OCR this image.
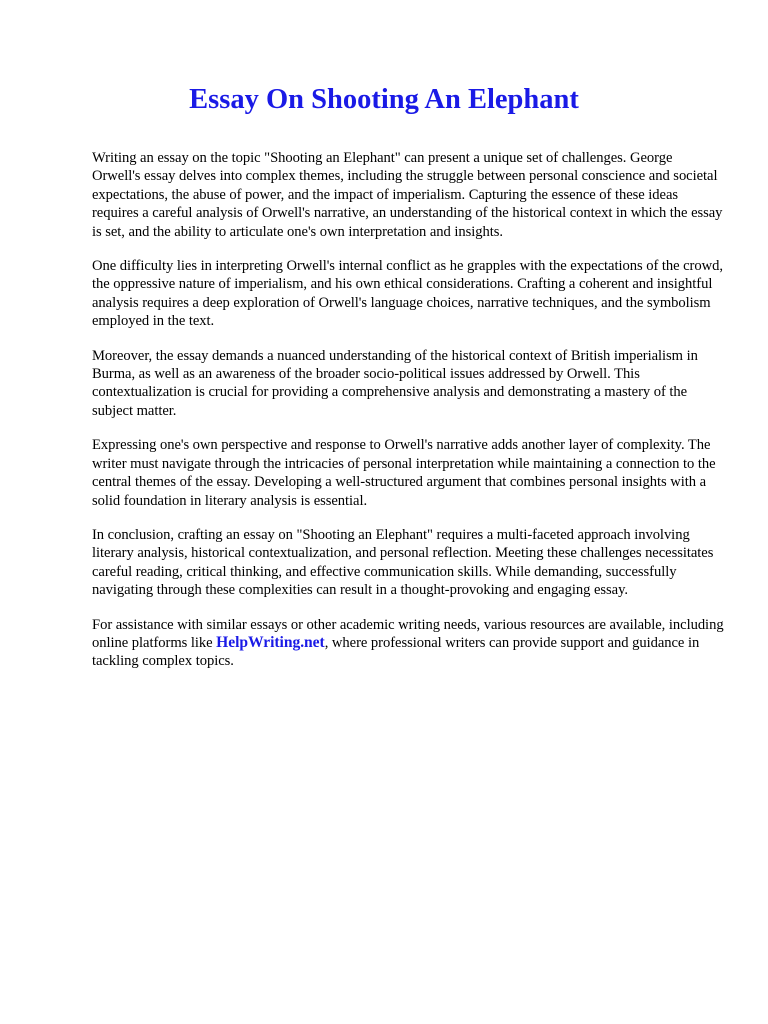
Essay On Shooting An Elephant

Writing an essay on the topic "Shooting an Elephant" can present a unique set of challenges. George Orwell's essay delves into complex themes, including the struggle between personal conscience and societal expectations, the abuse of power, and the impact of imperialism. Capturing the essence of these ideas requires a careful analysis of Orwell's narrative, an understanding of the historical context in which the essay is set, and the ability to articulate one's own interpretation and insights.

One difficulty lies in interpreting Orwell's internal conflict as he grapples with the expectations of the crowd, the oppressive nature of imperialism, and his own ethical considerations. Crafting a coherent and insightful analysis requires a deep exploration of Orwell's language choices, narrative techniques, and the symbolism employed in the text.

Moreover, the essay demands a nuanced understanding of the historical context of British imperialism in Burma, as well as an awareness of the broader socio-political issues addressed by Orwell. This contextualization is crucial for providing a comprehensive analysis and demonstrating a mastery of the subject matter.

Expressing one's own perspective and response to Orwell's narrative adds another layer of complexity. The writer must navigate through the intricacies of personal interpretation while maintaining a connection to the central themes of the essay. Developing a well-structured argument that combines personal insights with a solid foundation in literary analysis is essential.

In conclusion, crafting an essay on "Shooting an Elephant" requires a multi-faceted approach involving literary analysis, historical contextualization, and personal reflection. Meeting these challenges necessitates careful reading, critical thinking, and effective communication skills. While demanding, successfully navigating through these complexities can result in a thought-provoking and engaging essay.

For assistance with similar essays or other academic writing needs, various resources are available, including online platforms like HelpWriting.net, where professional writers can provide support and guidance in tackling complex topics.
